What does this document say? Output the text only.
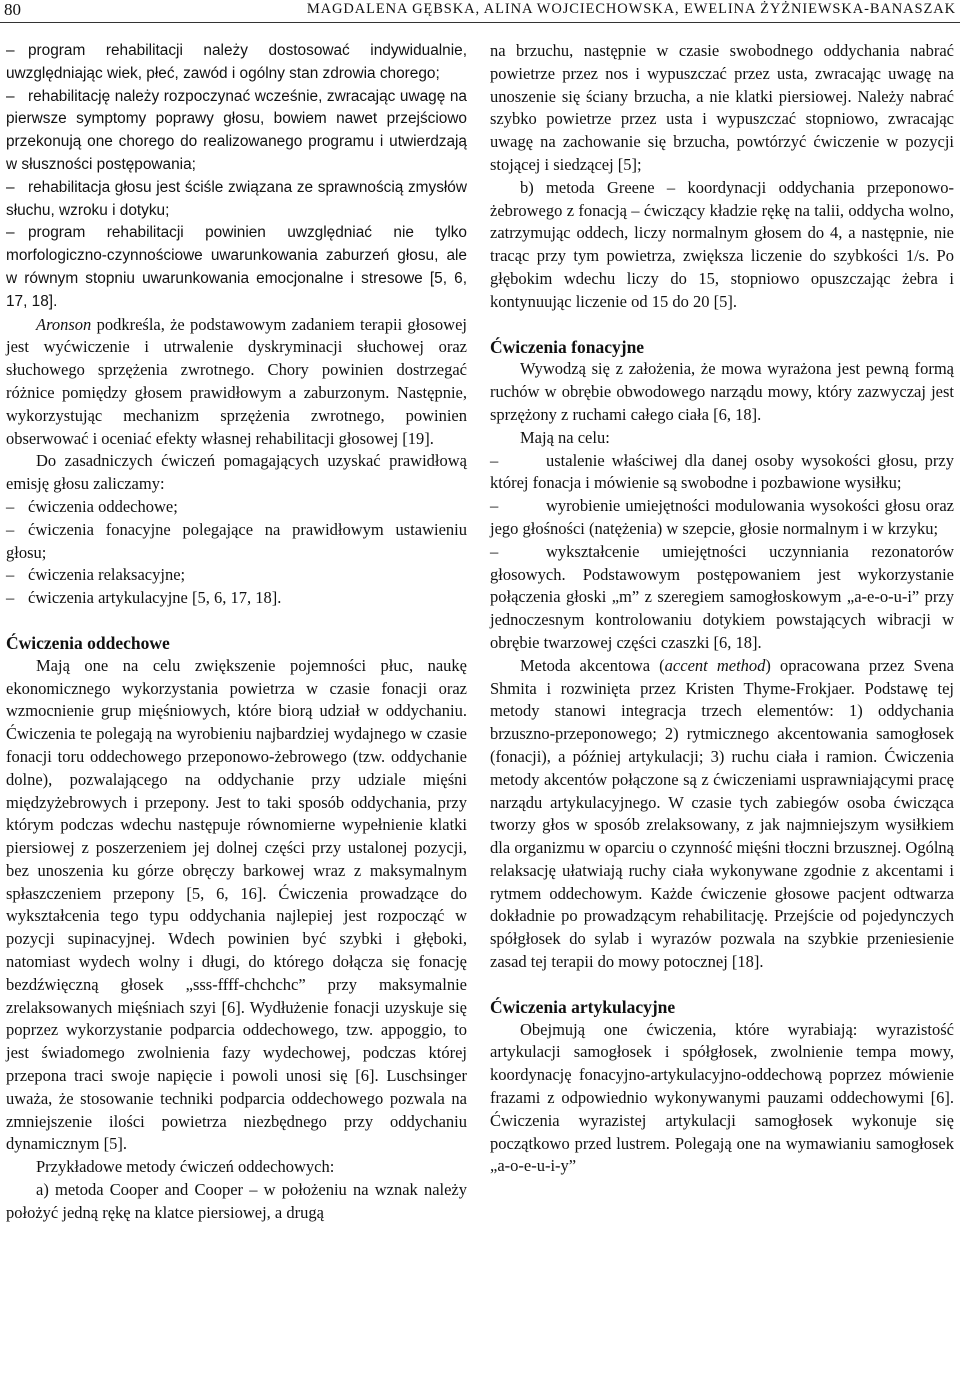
80	MAGDALENA GĘBSKA, ALINA WOJCIECHOWSKA, EWELINA ŻYŻNIEWSKA-BANASZAK

– program rehabilitacji należy dostosować indywidualnie, uwzględniając wiek, płeć, zawód i ogólny stan zdrowia chorego;

– rehabilitację należy rozpoczynać wcześnie, zwracając uwagę na pierwsze symptomy poprawy głosu, bowiem nawet przejściowo przekonują one chorego do realizowanego programu i utwierdzają w słuszności postępowania;

– rehabilitacja głosu jest ściśle związana ze sprawnością zmysłów słuchu, wzroku i dotyku;

– program rehabilitacji powinien uwzględniać nie tylko morfologiczno-czynnościowe uwarunkowania zaburzeń głosu, ale w równym stopniu uwarunkowania emocjonalne i stresowe [5, 6, 17, 18].

Aronson podkreśla, że podstawowym zadaniem terapii głosowej jest wyćwiczenie i utrwalenie dyskryminacji słuchowej oraz słuchowego sprzężenia zwrotnego. Chory powinien dostrzegać różnice pomiędzy głosem prawidłowym a zaburzonym. Następnie, wykorzystując mechanizm sprzężenia zwrotnego, powinien obserwować i oceniać efekty własnej rehabilitacji głosowej [19].

Do zasadniczych ćwiczeń pomagających uzyskać prawidłową emisję głosu zaliczamy:

– ćwiczenia oddechowe;

– ćwiczenia fonacyjne polegające na prawidłowym ustawieniu głosu;

– ćwiczenia relaksacyjne;

– ćwiczenia artykulacyjne [5, 6, 17, 18].

Ćwiczenia oddechowe

Mają one na celu zwiększenie pojemności płuc, naukę ekonomicznego wykorzystania powietrza w czasie fonacji oraz wzmocnienie grup mięśniowych, które biorą udział w oddychaniu. Ćwiczenia te polegają na wyrobieniu najbardziej wydajnego w czasie fonacji toru oddechowego przeponowo-żebrowego (tzw. oddychanie dolne), pozwalającego na oddychanie przy udziale mięśni międzyżebrowych i przepony. Jest to taki sposób oddychania, przy którym podczas wdechu następuje równomierne wypełnienie klatki piersiowej z poszerzeniem jej dolnej części przy ustalonej pozycji, bez unoszenia ku górze obręczy barkowej wraz z maksymalnym spłaszczeniem przepony [5, 6, 16]. Ćwiczenia prowadzące do wykształcenia tego typu oddychania najlepiej jest rozpocząć w pozycji supinacyjnej. Wdech powinien być szybki i głęboki, natomiast wydech wolny i długi, do którego dołącza się fonację bezdźwięczną głosek „sss-ffff-chchchc” przy maksymalnie zrelaksowanych mięśniach szyi [6]. Wydłużenie fonacji uzyskuje się poprzez wykorzystanie podparcia oddechowego, tzw. appoggio, to jest świadomego zwolnienia fazy wydechowej, podczas której przepona traci swoje napięcie i powoli unosi się [6]. Luschsinger uważa, że stosowanie techniki podparcia oddechowego pozwala na zmniejszenie ilości powietrza niezbędnego przy oddychaniu dynamicznym [5].

Przykładowe metody ćwiczeń oddechowych:

a) metoda Cooper and Cooper – w położeniu na wznak należy położyć jedną rękę na klatce piersiowej, a drugą

na brzuchu, następnie w czasie swobodnego oddychania nabrać powietrze przez nos i wypuszczać przez usta, zwracając uwagę na unoszenie się ściany brzucha, a nie klatki piersiowej. Należy nabrać szybko powietrze przez usta i wypuszczać stopniowo, zwracając uwagę na zachowanie się brzucha, powtórzyć ćwiczenie w pozycji stojącej i siedzącej [5];

b) metoda Greene – koordynacji oddychania przeponowo-żebrowego z fonacją – ćwiczący kładzie rękę na talii, oddycha wolno, zatrzymując oddech, liczy normalnym głosem do 4, a następnie, nie tracąc przy tym powietrza, zwiększa liczenie do szybkości 1/s. Po głębokim wdechu liczy do 15, stopniowo opuszczając żebra i kontynuując liczenie od 15 do 20 [5].

Ćwiczenia fonacyjne

Wywodzą się z założenia, że mowa wyrażona jest pewną formą ruchów w obrębie obwodowego narządu mowy, który zazwyczaj jest sprzężony z ruchami całego ciała [6, 18].

Mają na celu:

–	ustalenie właściwej dla danej osoby wysokości głosu, przy której fonacja i mówienie są swobodne i pozbawione wysiłku;

–	wyrobienie umiejętności modulowania wysokości głosu oraz jego głośności (natężenia) w szepcie, głosie normalnym i w krzyku;

–	wykształcenie umiejętności uczynniania rezonatorów głosowych. Podstawowym postępowaniem jest wykorzystanie połączenia głoski „m” z szeregiem samogłoskowym „a-e-o-u-i” przy jednoczesnym kontrolowaniu dotykiem powstających wibracji w obrębie twarzowej części czaszki [6, 18].

Metoda akcentowa (accent method) opracowana przez Svena Shmita i rozwinięta przez Kristen Thyme-Frokjaer. Podstawę tej metody stanowi integracja trzech elementów: 1) oddychania brzuszno-przeponowego; 2) rytmicznego akcentowania samogłosek (fonacji), a później artykulacji; 3) ruchu ciała i ramion. Ćwiczenia metody akcentów połączone są z ćwiczeniami usprawniającymi pracę narządu artykulacyjnego. W czasie tych zabiegów osoba ćwicząca tworzy głos w sposób zrelaksowany, z jak najmniejszym wysiłkiem dla organizmu w oparciu o czynność mięśni tłoczni brzusznej. Ogólną relaksację ułatwiają ruchy ciała wykonywane zgodnie z akcentami i rytmem oddechowym. Każde ćwiczenie głosowe pacjent odtwarza dokładnie po prowadzącym rehabilitację. Przejście od pojedynczych spółgłosek do sylab i wyrazów pozwala na szybkie przeniesienie zasad tej terapii do mowy potocznej [18].

Ćwiczenia artykulacyjne

Obejmują one ćwiczenia, które wyrabiają: wyrazistość artykulacji samogłosek i spółgłosek, zwolnienie tempa mowy, koordynację fonacyjno-artykulacyjno-oddechową poprzez mówienie frazami z odpowiednio wykonywanymi pauzami oddechowymi [6]. Ćwiczenia wyrazistej artykulacji samogłosek wykonuje się początkowo przed lustrem. Polegają one na wymawianiu samogłosek „a-o-e-u-i-y”
